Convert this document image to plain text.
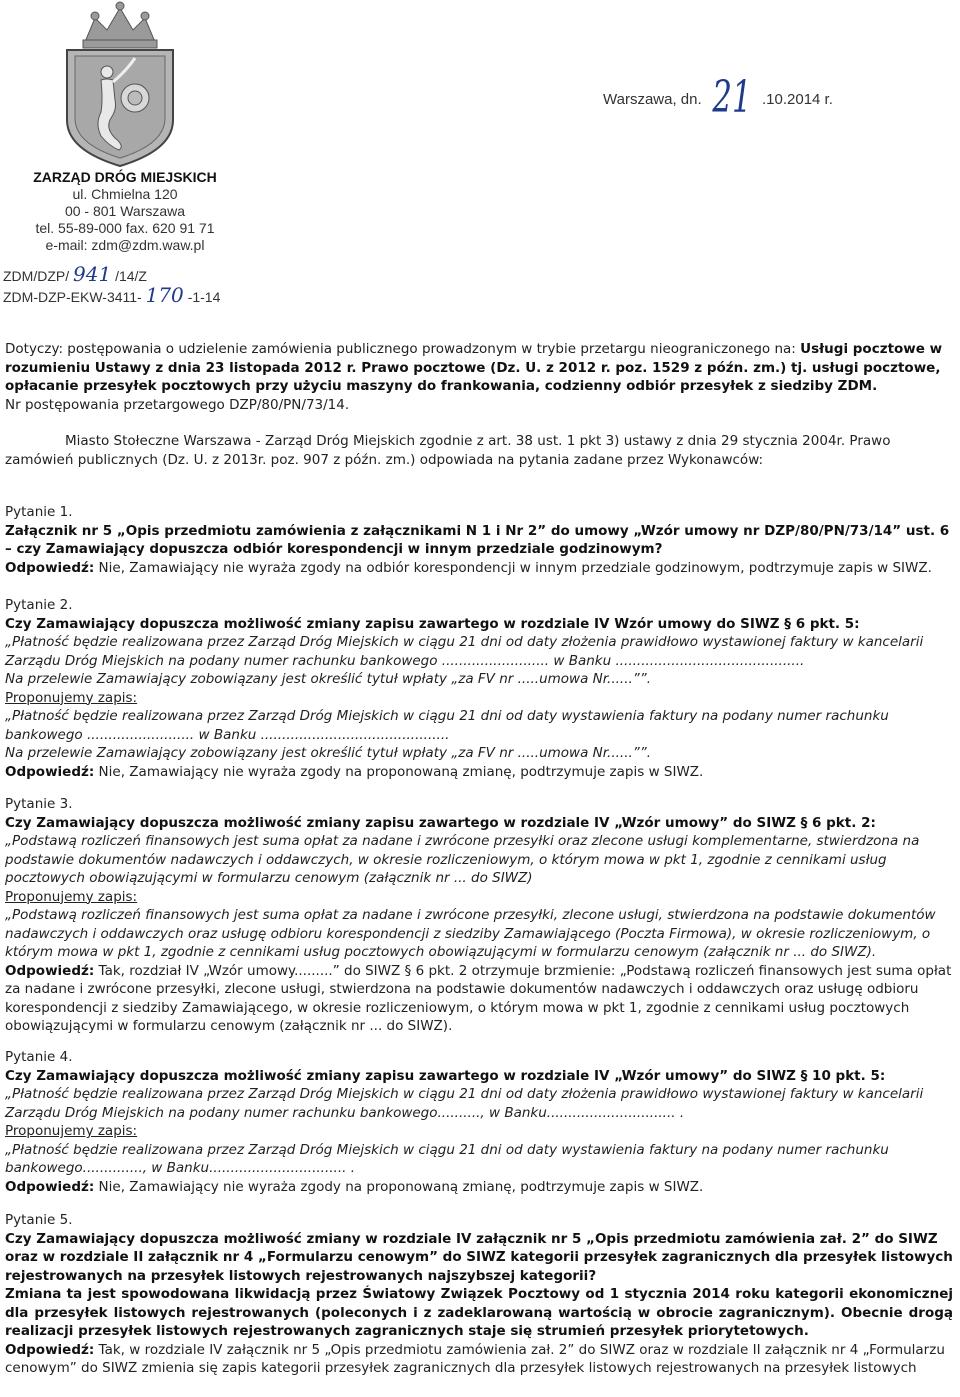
Warszawa, dn. 21 .10.2014 r.
ZARZĄD DRÓG MIEJSKICH
ul. Chmielna 120
00 - 801 Warszawa
tel. 55-89-000 fax. 620 91 71
e-mail: zdm@zdm.waw.pl
ZDM/DZP/ 941 /14/Z
ZDM-DZP-EKW-3411- 170 -1-14

Dotyczy: postępowania o udzielenie zamówienia publicznego prowadzonym w trybie przetargu nieograniczonego na: Usługi pocztowe w rozumieniu Ustawy z dnia 23 listopada 2012 r. Prawo pocztowe (Dz. U. z 2012 r. poz. 1529 z późn. zm.) tj. usługi pocztowe, opłacanie przesyłek pocztowych przy użyciu maszyny do frankowania, codzienny odbiór przesyłek z siedziby ZDM.

Nr postępowania przetargowego DZP/80/PN/73/14.

Miasto Stołeczne Warszawa - Zarząd Dróg Miejskich zgodnie z art. 38 ust. 1 pkt 3) ustawy z dnia 29 stycznia 2004r. Prawo zamówień publicznych (Dz. U. z 2013r. poz. 907 z późn. zm.) odpowiada na pytania zadane przez Wykonawców:

Pytanie 1.

Załącznik nr 5 „Opis przedmiotu zamówienia z załącznikami N 1 i Nr 2” do umowy „Wzór umowy nr DZP/80/PN/73/14” ust. 6 – czy Zamawiający dopuszcza odbiór korespondencji w innym przedziale godzinowym?

Odpowiedź: Nie, Zamawiający nie wyraża zgody na odbiór korespondencji w innym przedziale godzinowym, podtrzymuje zapis w SIWZ.

Pytanie 2.

Czy Zamawiający dopuszcza możliwość zmiany zapisu zawartego w rozdziale IV Wzór umowy do SIWZ § 6 pkt. 5:

„Płatność będzie realizowana przez Zarząd Dróg Miejskich w ciągu 21 dni od daty złożenia prawidłowo wystawionej faktury w kancelarii Zarządu Dróg Miejskich na podany numer rachunku bankowego ......................... w Banku ............................................

Na przelewie Zamawiający zobowiązany jest określić tytuł wpłaty „za FV nr .....umowa Nr......””.

Proponujemy zapis:

„Płatność będzie realizowana przez Zarząd Dróg Miejskich w ciągu 21 dni od daty wystawienia faktury na podany numer rachunku bankowego ......................... w Banku ............................................

Na przelewie Zamawiający zobowiązany jest określić tytuł wpłaty „za FV nr .....umowa Nr......””.

Odpowiedź: Nie, Zamawiający nie wyraża zgody na proponowaną zmianę, podtrzymuje zapis w SIWZ.

Pytanie 3.

Czy Zamawiający dopuszcza możliwość zmiany zapisu zawartego w rozdziale IV „Wzór umowy” do SIWZ § 6 pkt. 2:

„Podstawą rozliczeń finansowych jest suma opłat za nadane i zwrócone przesyłki oraz zlecone usługi komplementarne, stwierdzona na podstawie dokumentów nadawczych i oddawczych, w okresie rozliczeniowym, o którym mowa w pkt 1, zgodnie z cennikami usług pocztowych obowiązującymi w formularzu cenowym (załącznik nr ... do SIWZ)

Proponujemy zapis:

„Podstawą rozliczeń finansowych jest suma opłat za nadane i zwrócone przesyłki, zlecone usługi, stwierdzona na podstawie dokumentów nadawczych i oddawczych oraz usługę odbioru korespondencji z siedziby Zamawiającego (Poczta Firmowa), w okresie rozliczeniowym, o którym mowa w pkt 1, zgodnie z cennikami usług pocztowych obowiązującymi w formularzu cenowym (załącznik nr ... do SIWZ).

Odpowiedź: Tak, rozdział IV „Wzór umowy.........” do SIWZ § 6 pkt. 2 otrzymuje brzmienie: „Podstawą rozliczeń finansowych jest suma opłat za nadane i zwrócone przesyłki, zlecone usługi, stwierdzona na podstawie dokumentów nadawczych i oddawczych oraz usługę odbioru korespondencji z siedziby Zamawiającego, w okresie rozliczeniowym, o którym mowa w pkt 1, zgodnie z cennikami usług pocztowych obowiązującymi w formularzu cenowym (załącznik nr ... do SIWZ).

Pytanie 4.

Czy Zamawiający dopuszcza możliwość zmiany zapisu zawartego w rozdziale IV „Wzór umowy” do SIWZ § 10 pkt. 5:

„Płatność będzie realizowana przez Zarząd Dróg Miejskich w ciągu 21 dni od daty złożenia prawidłowo wystawionej faktury w kancelarii Zarządu Dróg Miejskich na podany numer rachunku bankowego.........., w Banku.............................. .

Proponujemy zapis:

„Płatność będzie realizowana przez Zarząd Dróg Miejskich w ciągu 21 dni od daty wystawienia faktury na podany numer rachunku bankowego.............., w Banku................................ .

Odpowiedź: Nie, Zamawiający nie wyraża zgody na proponowaną zmianę, podtrzymuje zapis w SIWZ.

Pytanie 5.

Czy Zamawiający dopuszcza możliwość zmiany w rozdziale IV załącznik nr 5 „Opis przedmiotu zamówienia zał. 2” do SIWZ oraz w rozdziale II załącznik nr 4 „Formularzu cenowym” do SIWZ kategorii przesyłek zagranicznych dla przesyłek listowych rejestrowanych na przesyłek listowych rejestrowanych najszybszej kategorii?

Zmiana ta jest spowodowana likwidacją przez Światowy Związek Pocztowy od 1 stycznia 2014 roku kategorii ekonomicznej dla przesyłek listowych rejestrowanych (poleconych i z zadeklarowaną wartością w obrocie zagranicznym). Obecnie drogą realizacji przesyłek listowych rejestrowanych zagranicznych staje się strumień przesyłek priorytetowych.

Odpowiedź: Tak, w rozdziale IV załącznik nr 5 „Opis przedmiotu zamówienia zał. 2” do SIWZ oraz w rozdziale II załącznik nr 4 „Formularzu cenowym” do SIWZ zmienia się zapis kategorii przesyłek zagranicznych dla przesyłek listowych rejestrowanych na przesyłek listowych
